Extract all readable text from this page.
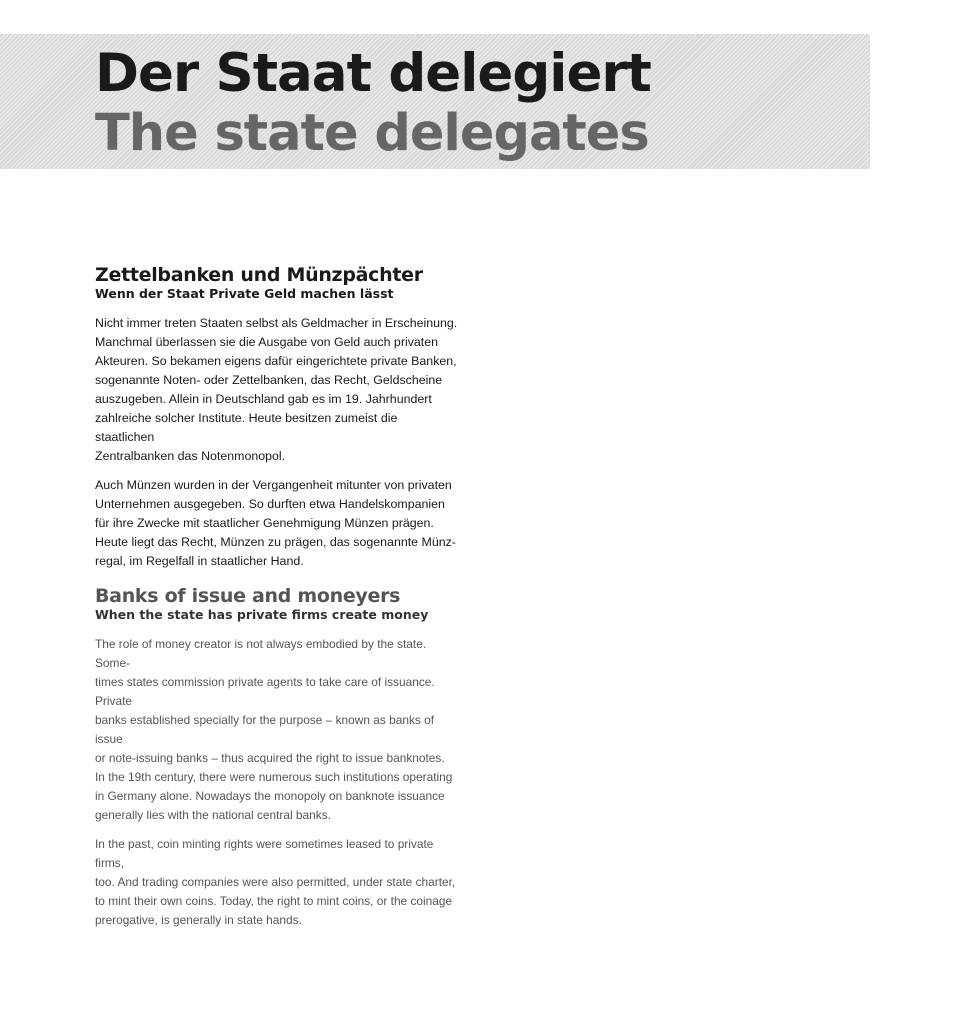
Der Staat delegiert
The state delegates
Zettelbanken und Münzpächter
Wenn der Staat Private Geld machen lässt

Nicht immer treten Staaten selbst als Geldmacher in Erscheinung.
Manchmal überlassen sie die Ausgabe von Geld auch privaten
Akteuren. So bekamen eigens dafür eingerichtete private Banken,
sogenannte Noten- oder Zettelbanken, das Recht, Geldscheine
auszugeben. Allein in Deutschland gab es im 19. Jahrhundert
zahlreiche solcher Institute. Heute besitzen zumeist die staatlichen
Zentralbanken das Notenmonopol.

Auch Münzen wurden in der Vergangenheit mitunter von privaten
Unternehmen ausgegeben. So durften etwa Handelskompanien
für ihre Zwecke mit staatlicher Genehmigung Münzen prägen.
Heute liegt das Recht, Münzen zu prägen, das sogenannte Münz-
regal, im Regelfall in staatlicher Hand.

Banks of issue and moneyers
When the state has private firms create money

The role of money creator is not always embodied by the state. Some-
times states commission private agents to take care of issuance. Private
banks established specially for the purpose – known as banks of issue
or note-issuing banks – thus acquired the right to issue banknotes.
In the 19th century, there were numerous such institutions operating
in Germany alone. Nowadays the monopoly on banknote issuance
generally lies with the national central banks.

In the past, coin minting rights were sometimes leased to private firms,
too. And trading companies were also permitted, under state charter,
to mint their own coins. Today, the right to mint coins, or the coinage
prerogative, is generally in state hands.
